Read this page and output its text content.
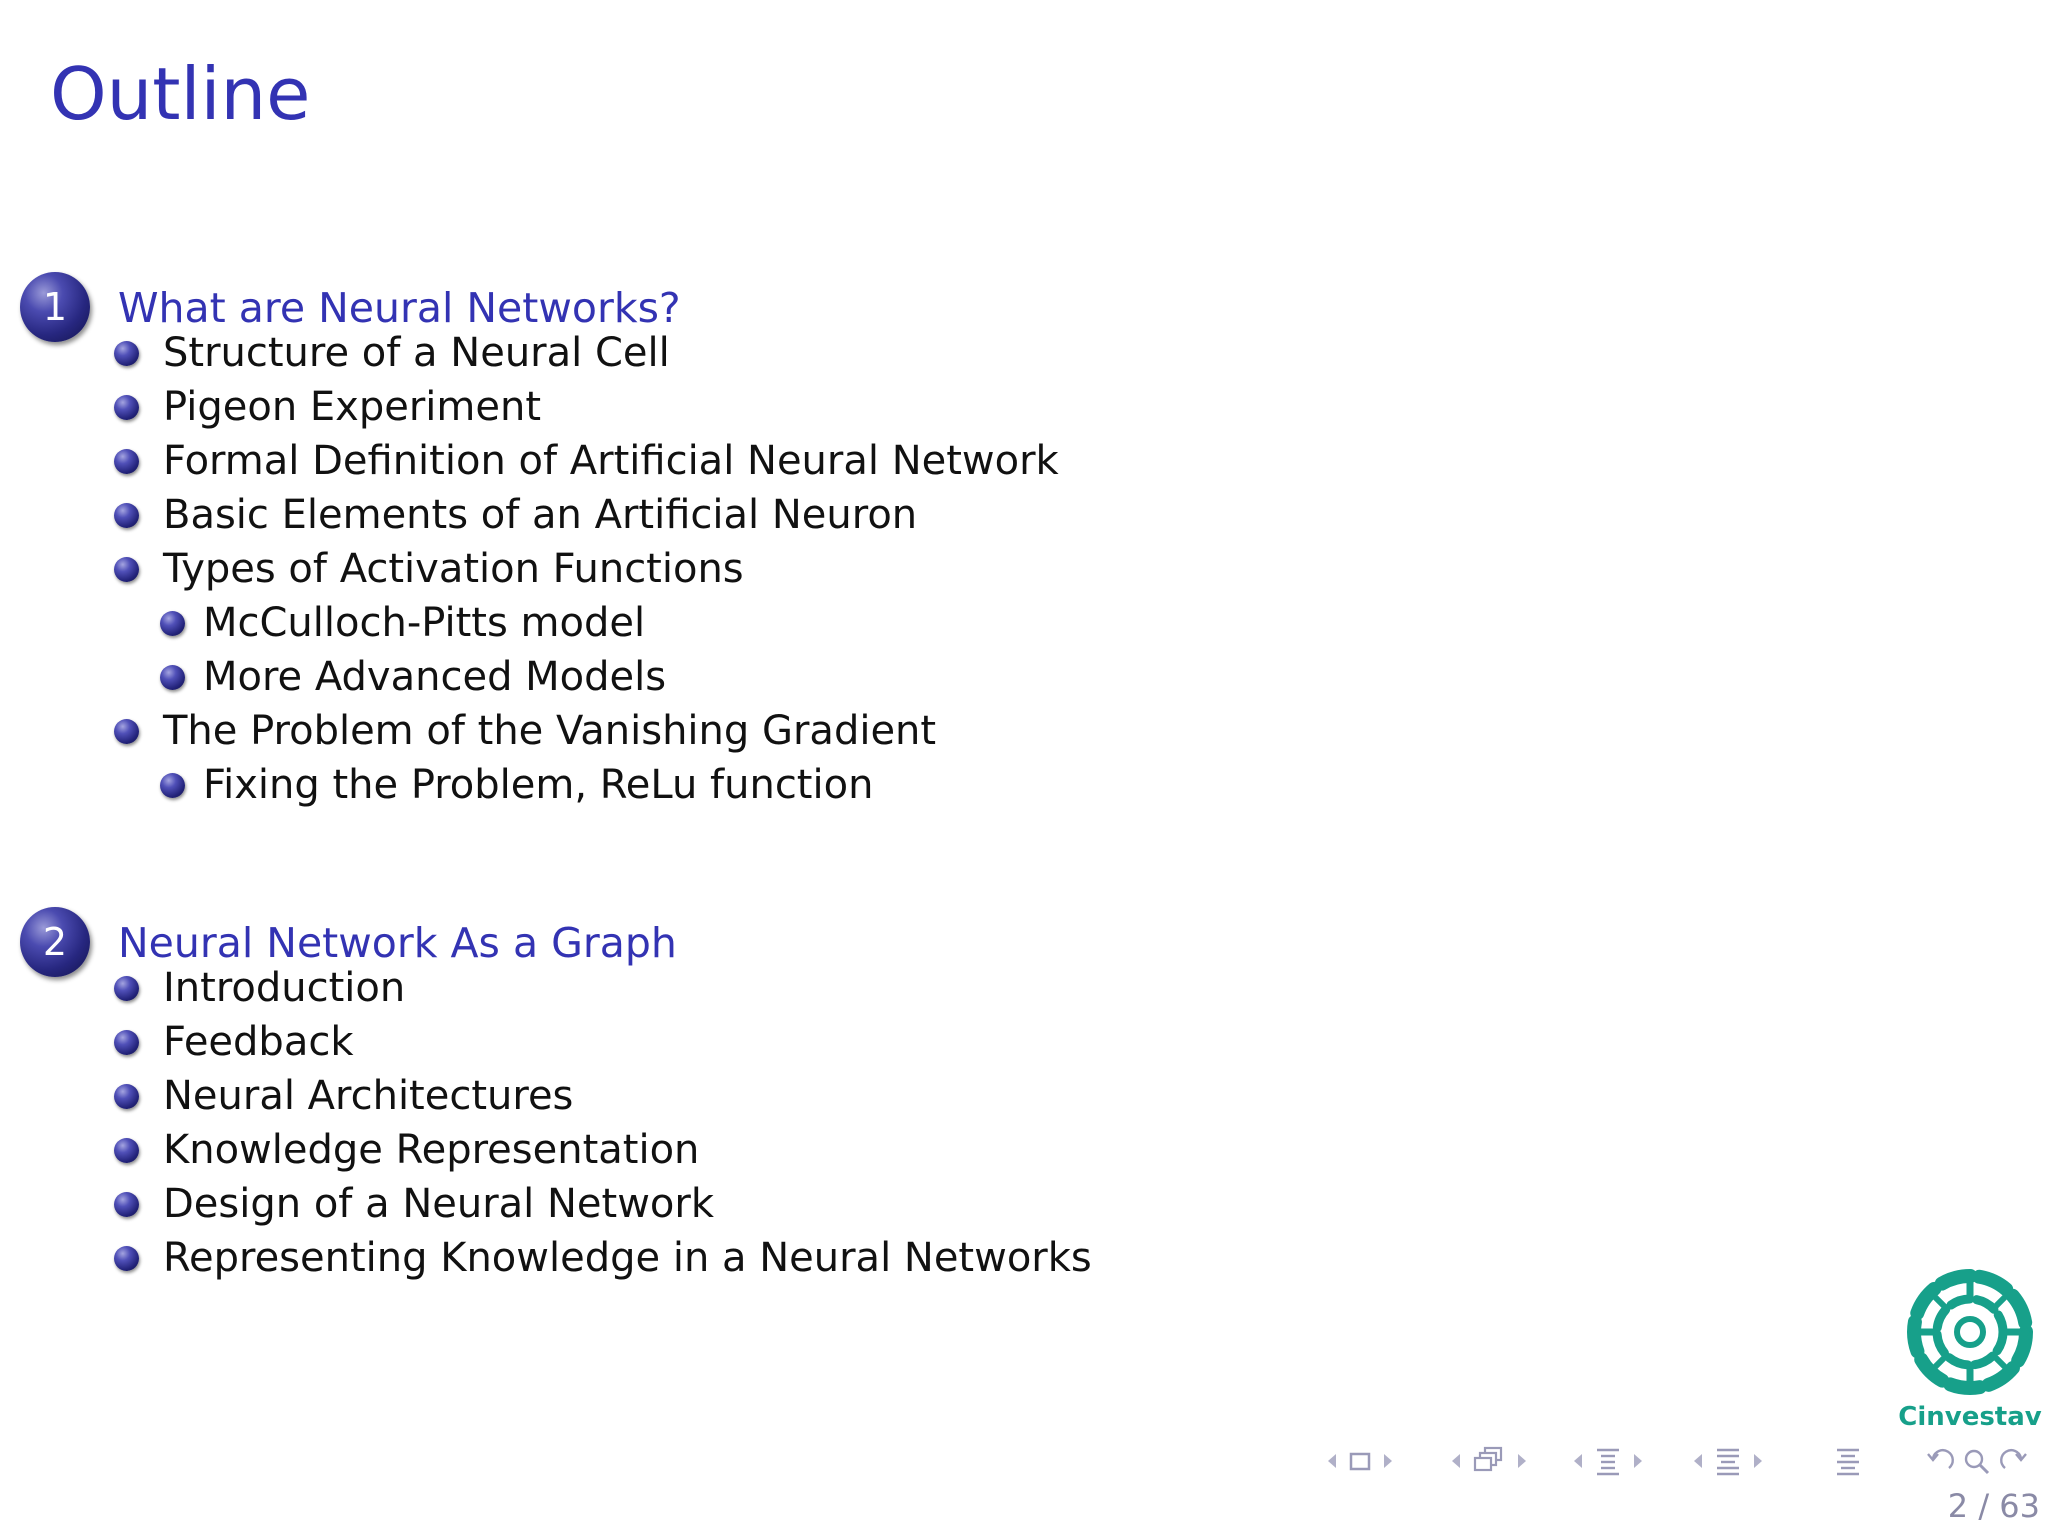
Outline
1	What are Neural Networks?
Structure of a Neural Cell
Pigeon Experiment
Formal Definition of Artificial Neural Network
Basic Elements of an Artificial Neuron
Types of Activation Functions
McCulloch-Pitts model
More Advanced Models
The Problem of the Vanishing Gradient
Fixing the Problem, ReLu function
2	Neural Network As a Graph
Introduction
Feedback
Neural Architectures
Knowledge Representation
Design of a Neural Network
Representing Knowledge in a Neural Networks
Cinvestav
2 / 63
